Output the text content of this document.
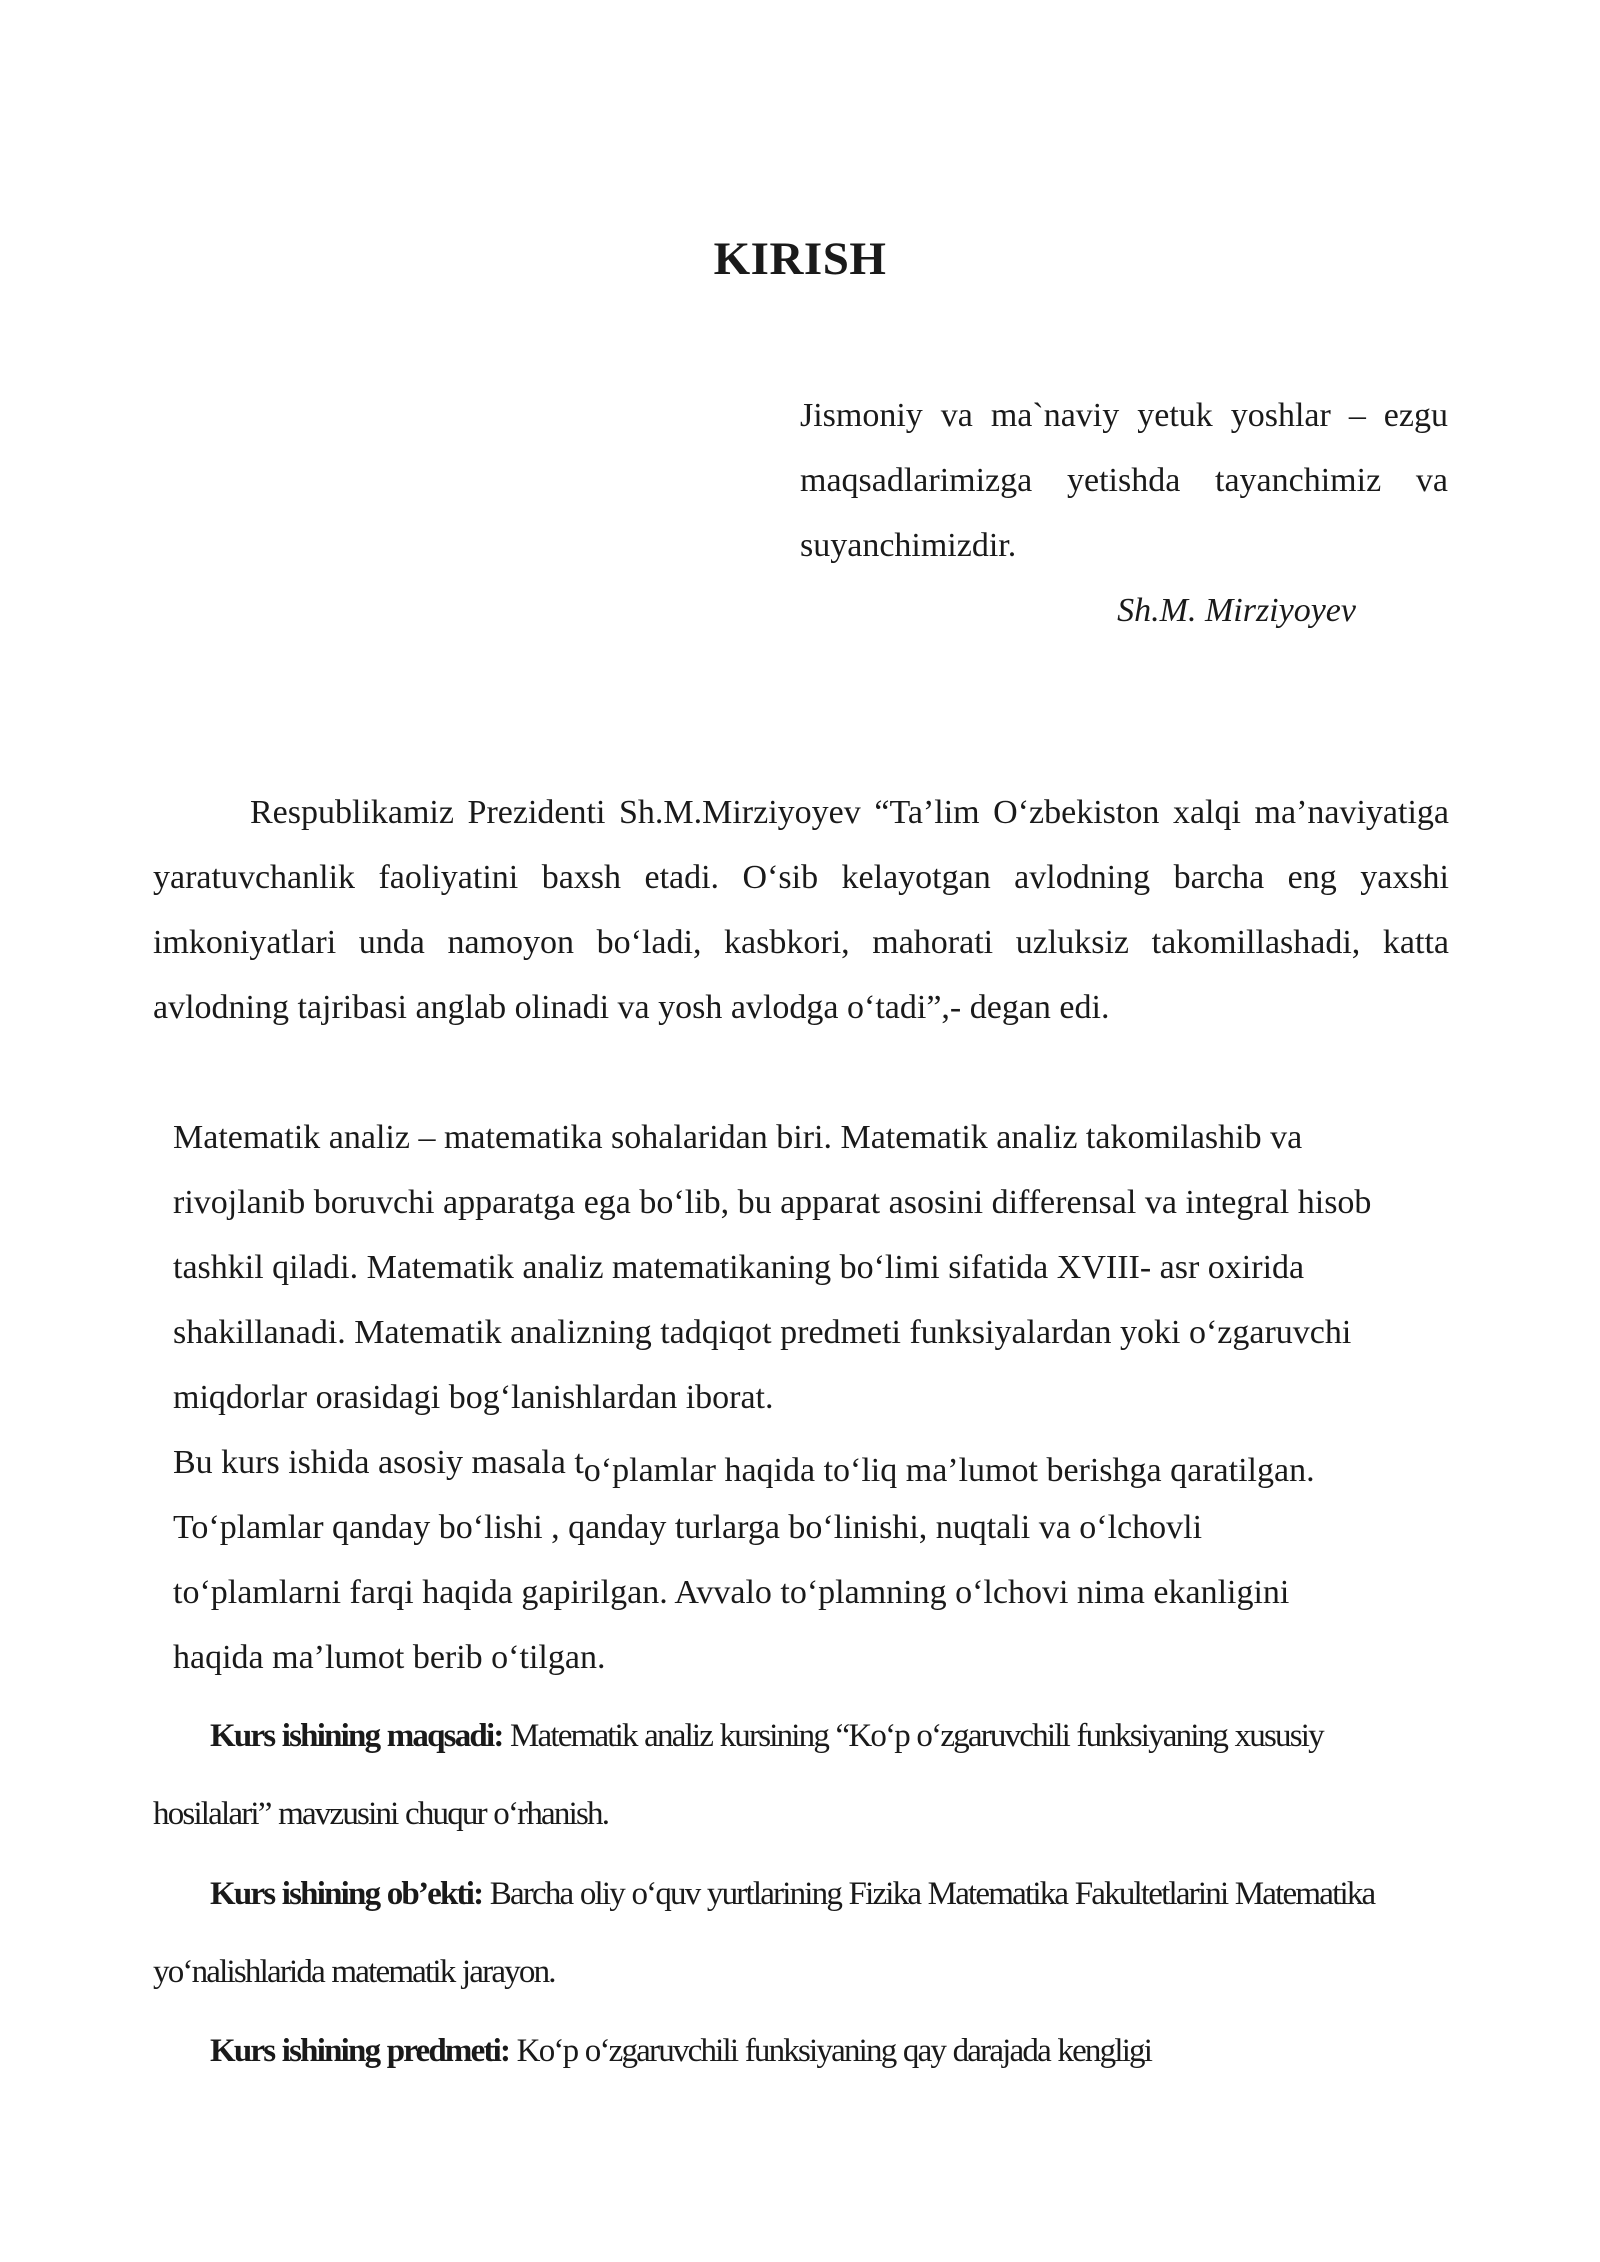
KIRISH
Jismoniy va ma`naviy yetuk yoshlar – ezgu maqsadlarimizga yetishda tayanchimiz va suyanchimizdir.
Sh.M. Mirziyoyev
Respublikamiz Prezidenti Sh.M.Mirziyoyev “Ta’lim O‘zbekiston xalqi ma’naviyatiga yaratuvchanlik faoliyatini baxsh etadi. O‘sib kelayotgan avlodning barcha eng yaxshi imkoniyatlari unda namoyon bo‘ladi, kasbkori, mahorati uzluksiz takomillashadi, katta avlodning tajribasi anglab olinadi va yosh avlodga o‘tadi”,- degan edi.
Matematik analiz – matematika sohalaridan biri. Matematik analiz takomilashib va
rivojlanib boruvchi apparatga ega bo‘lib, bu apparat asosini differensal va integral hisob
tashkil qiladi. Matematik analiz matematikaning bo‘limi sifatida XVIII- asr oxirida
shakillanadi. Matematik analizning tadqiqot predmeti funksiyalardan yoki o‘zgaruvchi
miqdorlar orasidagi bog‘lanishlardan iborat.
Bu kurs ishida asosiy masala to‘plamlar haqida to‘liq ma’lumot berishga qaratilgan.
To‘plamlar qanday bo‘lishi , qanday turlarga bo‘linishi, nuqtali va o‘lchovli
to‘plamlarni farqi haqida gapirilgan. Avvalo to‘plamning o‘lchovi nima ekanligini
haqida ma’lumot berib o‘tilgan.
Kurs ishining maqsadi: Matematik analiz kursining “Ko‘p o‘zgaruvchili funksiyaning xususiy
hosilalari” mavzusini chuqur o‘rhanish.
Kurs ishining ob’ekti: Barcha oliy o‘quv yurtlarining Fizika Matematika Fakultetlarini Matematika
yo‘nalishlarida matematik jarayon.
Kurs ishining predmeti: Ko‘p o‘zgaruvchili funksiyaning qay darajada kengligi
